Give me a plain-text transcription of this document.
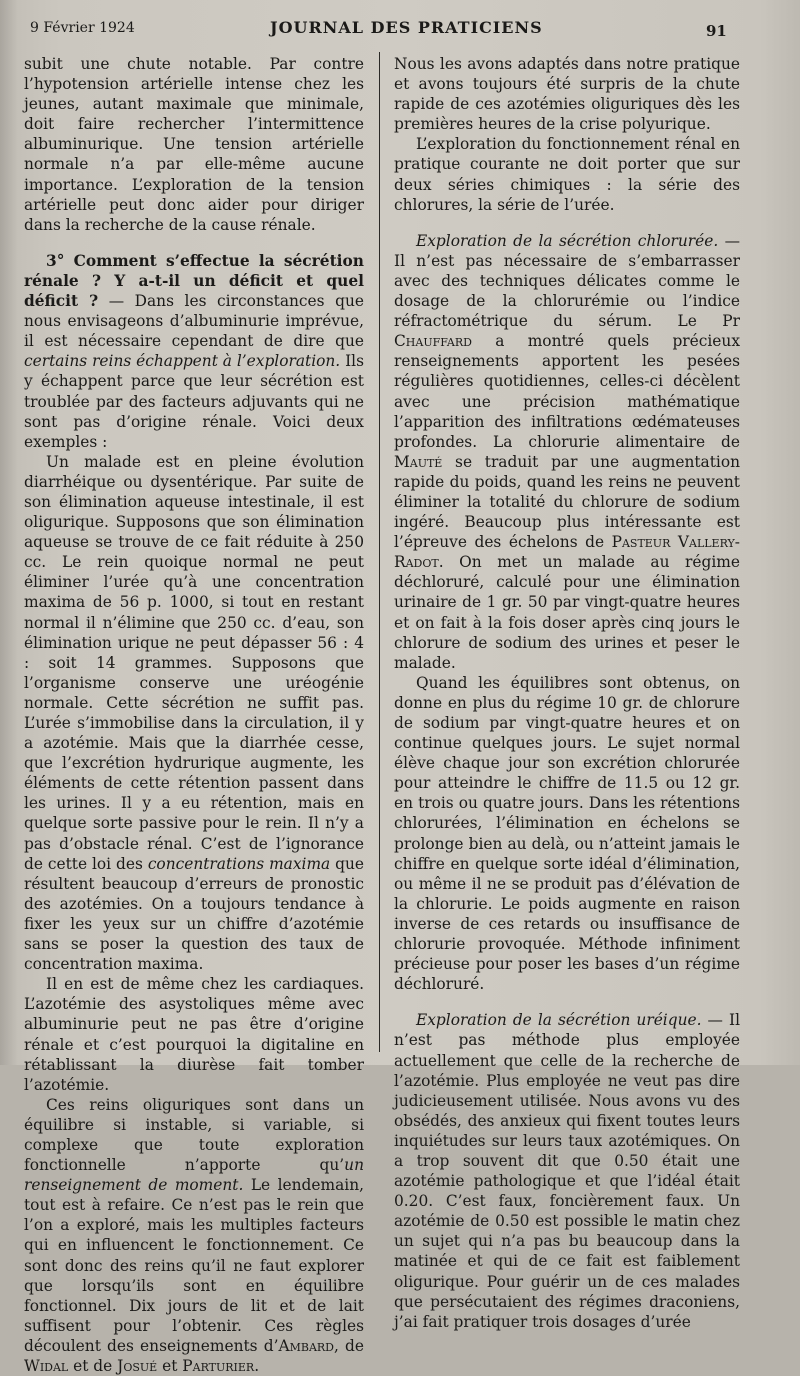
9 Février 1924	JOURNAL DES PRATICIENS	91

subit une chute notable. Par contre l’hypotension artérielle intense chez les jeunes, autant maximale que minimale, doit faire rechercher l’intermittence albuminurique. Une tension artérielle normale n’a par elle-même aucune importance. L’exploration de la tension artérielle peut donc aider pour diriger dans la recherche de la cause rénale.

3° Comment s’effectue la sécrétion rénale ? Y a-t-il un déficit et quel déficit ? — Dans les circonstances que nous envisageons d’albuminurie imprévue, il est nécessaire cependant de dire que certains reins échappent à l’exploration. Ils y échappent parce que leur sécrétion est troublée par des facteurs adjuvants qui ne sont pas d’origine rénale. Voici deux exemples :

Un malade est en pleine évolution diarrhéique ou dysentérique. Par suite de son élimination aqueuse intestinale, il est oligurique. Supposons que son élimination aqueuse se trouve de ce fait réduite à 250 cc. Le rein quoique normal ne peut éliminer l’urée qu’à une concentration maxima de 56 p. 1000, si tout en restant normal il n’élimine que 250 cc. d’eau, son élimination urique ne peut dépasser 56 : 4 : soit 14 grammes. Supposons que l’organisme conserve une uréogénie normale. Cette sécrétion ne suffit pas. L’urée s’immobilise dans la circulation, il y a azotémie. Mais que la diarrhée cesse, que l’excrétion hydrurique augmente, les éléments de cette rétention passent dans les urines. Il y a eu rétention, mais en quelque sorte passive pour le rein. Il n’y a pas d’obstacle rénal. C’est de l’ignorance de cette loi des concentrations maxima que résultent beaucoup d’erreurs de pronostic des azotémies. On a toujours tendance à fixer les yeux sur un chiffre d’azotémie sans se poser la question des taux de concentration maxima.

Il en est de même chez les cardiaques. L’azotémie des asystoliques même avec albuminurie peut ne pas être d’origine rénale et c’est pourquoi la digitaline en rétablissant la diurèse fait tomber l’azotémie.

Ces reins oliguriques sont dans un équilibre si instable, si variable, si complexe que toute exploration fonctionnelle n’apporte qu’un renseignement de moment. Le lendemain, tout est à refaire. Ce n’est pas le rein que l’on a exploré, mais les multiples facteurs qui en influencent le fonctionnement. Ce sont donc des reins qu’il ne faut explorer que lorsqu’ils sont en équilibre fonctionnel. Dix jours de lit et de lait suffisent pour l’obtenir. Ces règles découlent des enseignements d’Ambard, de Widal et de Josué et Parturier.

Nous les avons adaptés dans notre pratique et avons toujours été surpris de la chute rapide de ces azotémies oliguriques dès les premières heures de la crise polyurique.

L’exploration du fonctionnement rénal en pratique courante ne doit porter que sur deux séries chimiques : la série des chlorures, la série de l’urée.

Exploration de la sécrétion chlorurée. — Il n’est pas nécessaire de s’embarrasser avec des techniques délicates comme le dosage de la chlorurémie ou l’indice réfractométrique du sérum. Le Pr Chauffard a montré quels précieux renseignements apportent les pesées régulières quotidiennes, celles-ci décèlent avec une précision mathématique l’apparition des infiltrations œdémateuses profondes. La chlorurie alimentaire de Mauté se traduit par une augmentation rapide du poids, quand les reins ne peuvent éliminer la totalité du chlorure de sodium ingéré. Beaucoup plus intéressante est l’épreuve des échelons de Pasteur Vallery-Radot. On met un malade au régime déchloruré, calculé pour une élimination urinaire de 1 gr. 50 par vingt-quatre heures et on fait à la fois doser après cinq jours le chlorure de sodium des urines et peser le malade.

Quand les équilibres sont obtenus, on donne en plus du régime 10 gr. de chlorure de sodium par vingt-quatre heures et on continue quelques jours. Le sujet normal élève chaque jour son excrétion chlorurée pour atteindre le chiffre de 11.5 ou 12 gr. en trois ou quatre jours. Dans les rétentions chlorurées, l’élimination en échelons se prolonge bien au delà, ou n’atteint jamais le chiffre en quelque sorte idéal d’élimination, ou même il ne se produit pas d’élévation de la chlorurie. Le poids augmente en raison inverse de ces retards ou insuffisance de chlorurie provoquée. Méthode infiniment précieuse pour poser les bases d’un régime déchloruré.

Exploration de la sécrétion uréique. — Il n’est pas méthode plus employée actuellement que celle de la recherche de l’azotémie. Plus employée ne veut pas dire judicieusement utilisée. Nous avons vu des obsédés, des anxieux qui fixent toutes leurs inquiétudes sur leurs taux azotémiques. On a trop souvent dit que 0.50 était une azotémie pathologique et que l’idéal était 0.20. C’est faux, foncièrement faux. Un azotémie de 0.50 est possible le matin chez un sujet qui n’a pas bu beaucoup dans la matinée et qui de ce fait est faiblement oligurique. Pour guérir un de ces malades que persécutaient des régimes draconiens, j’ai fait pratiquer trois dosages d’urée
